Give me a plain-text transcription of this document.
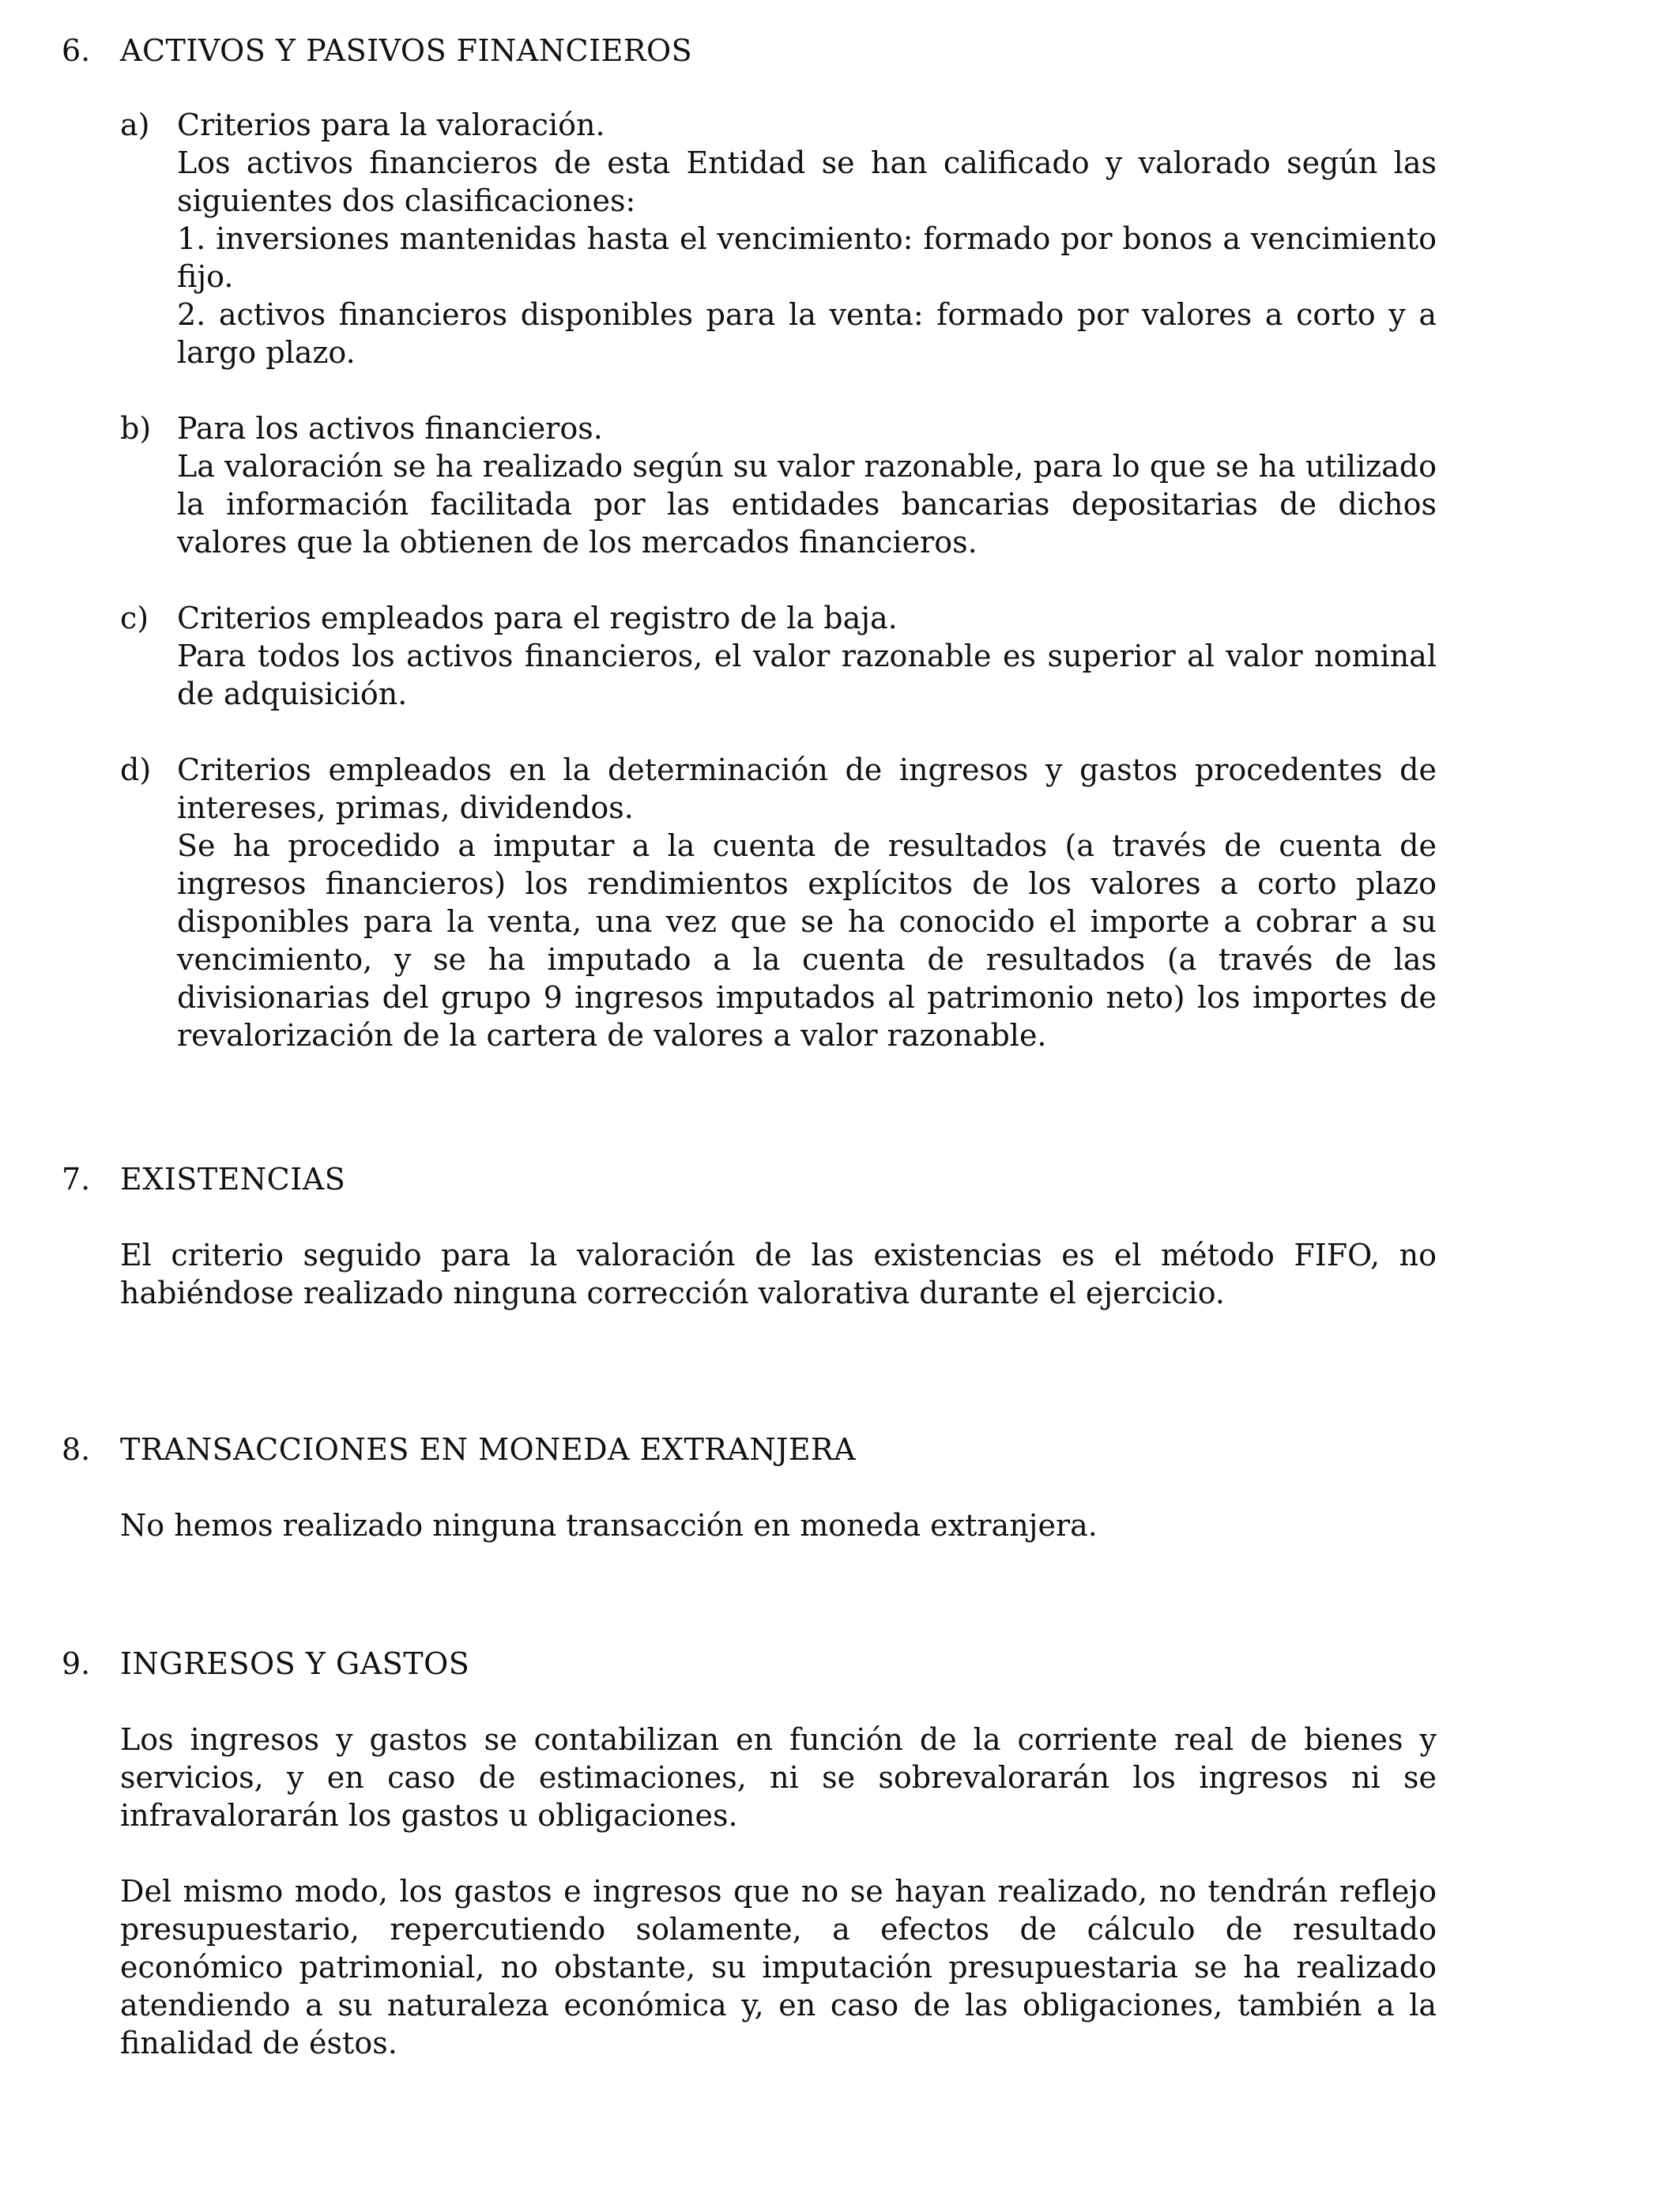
6. ACTIVOS Y PASIVOS FINANCIEROS
a) Criterios para la valoración.

Los activos financieros de esta Entidad se han calificado y valorado según las siguientes dos clasificaciones:

1. inversiones mantenidas hasta el vencimiento: formado por bonos a vencimiento fijo.

2. activos financieros disponibles para la venta: formado por valores a corto y a largo plazo.

b) Para los activos financieros.

La valoración se ha realizado según su valor razonable, para lo que se ha utilizado la información facilitada por las entidades bancarias depositarias de dichos valores que la obtienen de los mercados financieros.

c) Criterios empleados para el registro de la baja.

Para todos los activos financieros, el valor razonable es superior al valor nominal de adquisición.

d) Criterios empleados en la determinación de ingresos y gastos procedentes de intereses, primas, dividendos.

Se ha procedido a imputar a la cuenta de resultados (a través de cuenta de ingresos financieros) los rendimientos explícitos de los valores a corto plazo disponibles para la venta, una vez que se ha conocido el importe a cobrar a su vencimiento, y se ha imputado a la cuenta de resultados (a través de las divisionarias del grupo 9 ingresos imputados al patrimonio neto) los importes de revalorización de la cartera de valores a valor razonable.

7. EXISTENCIAS

El criterio seguido para la valoración de las existencias es el método FIFO, no habiéndose realizado ninguna corrección valorativa durante el ejercicio.

8. TRANSACCIONES EN MONEDA EXTRANJERA

No hemos realizado ninguna transacción en moneda extranjera.

9. INGRESOS Y GASTOS

Los ingresos y gastos se contabilizan en función de la corriente real de bienes y servicios, y en caso de estimaciones, ni se sobrevalorarán los ingresos ni se infravalorarán los gastos u obligaciones.

Del mismo modo, los gastos e ingresos que no se hayan realizado, no tendrán reflejo presupuestario, repercutiendo solamente, a efectos de cálculo de resultado económico patrimonial, no obstante, su imputación presupuestaria se ha realizado atendiendo a su naturaleza económica y, en caso de las obligaciones, también a la finalidad de éstos.
